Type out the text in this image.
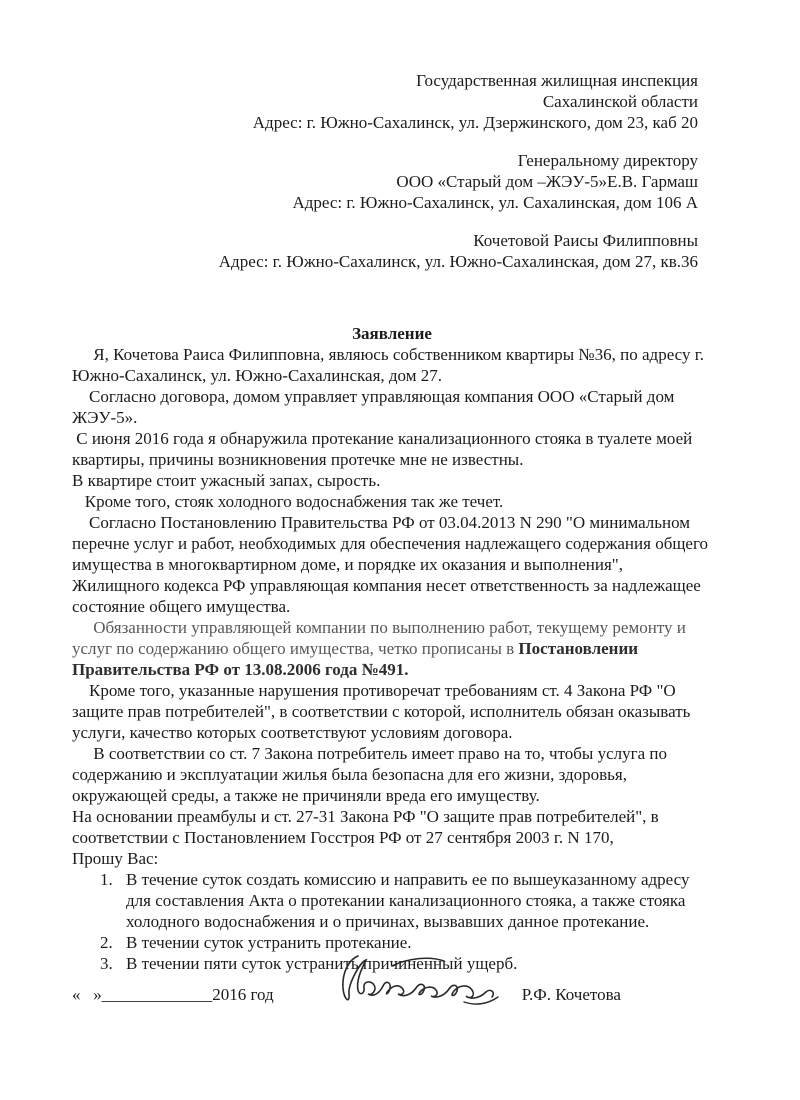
Государственная жилищная инспекция
Сахалинской области
Адрес: г. Южно-Сахалинск, ул. Дзержинского, дом 23, каб 20
Генеральному директору
ООО «Старый дом –ЖЭУ-5»Е.В. Гармаш
Адрес: г. Южно-Сахалинск, ул. Сахалинская, дом 106 А
Кочетовой Раисы Филипповны
Адрес: г. Южно-Сахалинск, ул. Южно-Сахалинская, дом 27, кв.36

Заявление

Я, Кочетова Раиса Филипповна, являюсь собственником квартиры №36, по адресу г. Южно-Сахалинск, ул. Южно-Сахалинская, дом 27.

Согласно договора, домом управляет управляющая компания ООО «Старый дом ЖЭУ-5».

С июня 2016 года я обнаружила протекание канализационного стояка в туалете моей квартиры, причины возникновения протечке мне не известны.

В квартире стоит ужасный запах, сырость.

Кроме того, стояк холодного водоснабжения так же течет.

Согласно Постановлению Правительства РФ от 03.04.2013 N 290 "О минимальном перечне услуг и работ, необходимых для обеспечения надлежащего содержания общего имущества в многоквартирном доме, и порядке их оказания и выполнения", Жилищного кодекса РФ управляющая компания несет ответственность за надлежащее состояние общего имущества.

Обязанности управляющей компании по выполнению работ, текущему ремонту и услуг по содержанию общего имущества, четко прописаны в Постановлении Правительства РФ от 13.08.2006 года №491.

Кроме того, указанные нарушения противоречат требованиям ст. 4 Закона РФ "О защите прав потребителей", в соответствии с которой, исполнитель обязан оказывать услуги, качество которых соответствуют условиям договора.

В соответствии со ст. 7 Закона потребитель имеет право на то, чтобы услуга по содержанию и эксплуатации жилья была безопасна для его жизни, здоровья, окружающей среды, а также не причиняли вреда его имуществу.

На основании преамбулы и ст. 27-31 Закона РФ "О защите прав потребителей", в соответствии с Постановлением Госстроя РФ от 27 сентября 2003 г. N 170,

Прошу Вас:

1. В течение суток создать комиссию и направить ее по вышеуказанному адресу для составления Акта о протекании канализационного стояка, а также стояка холодного водоснабжения и о причинах, вызвавших данное протекание.
2. В течении суток устранить протекание.
3. В течении пяти суток устранить причиненный ущерб.
«   »_____________2016 год	Р.Ф. Кочетова
